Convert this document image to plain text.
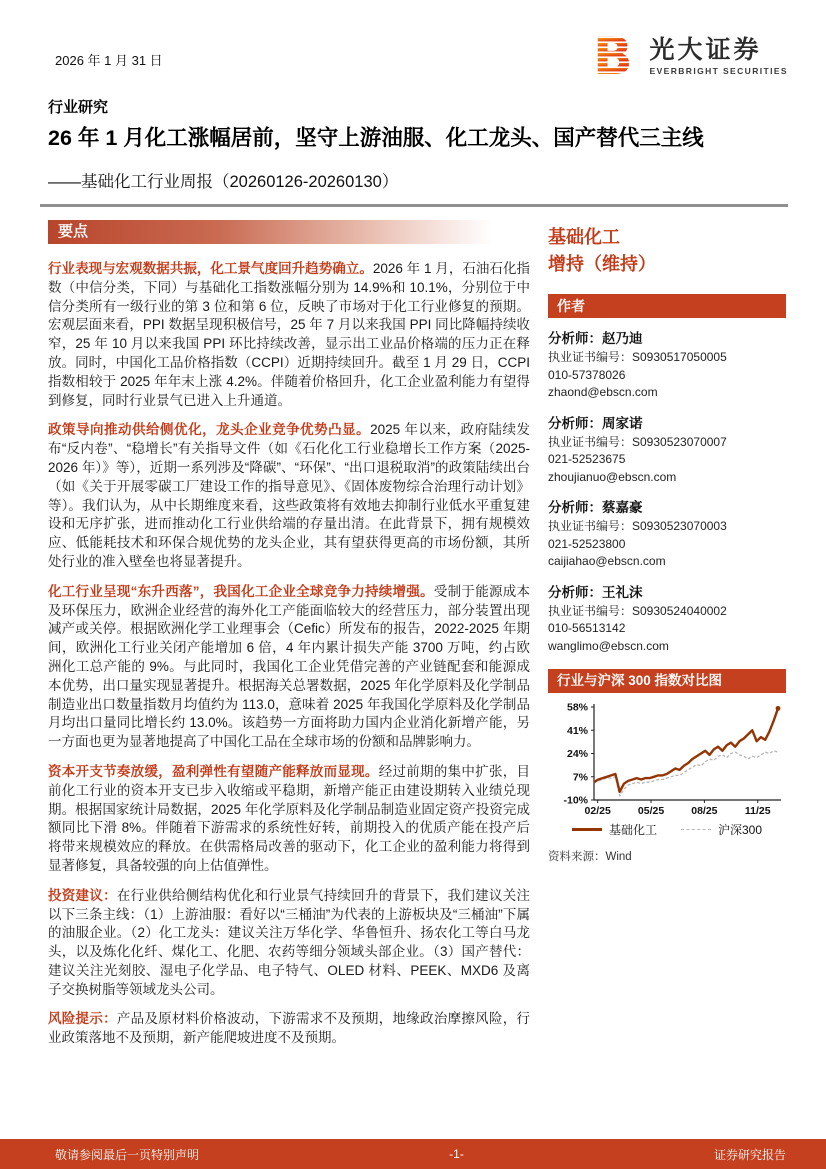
2026 年 1 月 31 日	光大证券
EVERBRIGHT SECURITIES
行业研究
26 年 1 月化工涨幅居前，坚守上游油服、化工龙头、国产替代三主线
——基础化工行业周报（20260126-20260130）
要点

行业表现与宏观数据共振，化工景气度回升趋势确立。2026 年 1 月，石油石化指数（中信分类，下同）与基础化工指数涨幅分别为 14.9%和 10.1%，分别位于中信分类所有一级行业的第 3 位和第 6 位，反映了市场对于化工行业修复的预期。宏观层面来看，PPI 数据呈现积极信号，25 年 7 月以来我国 PPI 同比降幅持续收窄，25 年 10 月以来我国 PPI 环比持续改善，显示出工业品价格端的压力正在释放。同时，中国化工品价格指数（CCPI）近期持续回升。截至 1 月 29 日，CCPI 指数相较于 2025 年年末上涨 4.2%。伴随着价格回升，化工企业盈利能力有望得到修复，同时行业景气已进入上升通道。

政策导向推动供给侧优化，龙头企业竞争优势凸显。2025 年以来，政府陆续发布“反内卷”、“稳增长”有关指导文件（如《石化化工行业稳增长工作方案（2025-2026 年）》等），近期一系列涉及“降碳”、“环保”、“出口退税取消”的政策陆续出台（如《关于开展零碳工厂建设工作的指导意见》、《固体废物综合治理行动计划》等）。我们认为，从中长期维度来看，这些政策将有效地去抑制行业低水平重复建设和无序扩张，进而推动化工行业供给端的存量出清。在此背景下，拥有规模效应、低能耗技术和环保合规优势的龙头企业，其有望获得更高的市场份额，其所处行业的准入壁垒也将显著提升。

化工行业呈现“东升西落”，我国化工企业全球竞争力持续增强。受制于能源成本及环保压力，欧洲企业经营的海外化工产能面临较大的经营压力，部分装置出现减产或关停。根据欧洲化学工业理事会（Cefic）所发布的报告，2022-2025 年期间，欧洲化工行业关闭产能增加 6 倍，4 年内累计损失产能 3700 万吨，约占欧洲化工总产能的 9%。与此同时，我国化工企业凭借完善的产业链配套和能源成本优势，出口量实现显著提升。根据海关总署数据，2025 年化学原料及化学制品制造业出口数量指数月均值约为 113.0，意味着 2025 年我国化学原料及化学制品月均出口量同比增长约 13.0%。该趋势一方面将助力国内企业消化新增产能，另一方面也更为显著地提高了中国化工品在全球市场的份额和品牌影响力。

资本开支节奏放缓，盈利弹性有望随产能释放而显现。经过前期的集中扩张，目前化工行业的资本开支已步入收缩或平稳期，新增产能正由建设期转入业绩兑现期。根据国家统计局数据，2025 年化学原料及化学制品制造业固定资产投资完成额同比下滑 8%。伴随着下游需求的系统性好转，前期投入的优质产能在投产后将带来规模效应的释放。在供需格局改善的驱动下，化工企业的盈利能力将得到显著修复，具备较强的向上估值弹性。

投资建议：在行业供给侧结构优化和行业景气持续回升的背景下，我们建议关注以下三条主线：（1）上游油服：看好以“三桶油”为代表的上游板块及“三桶油”下属的油服企业。（2）化工龙头：建议关注万华化学、华鲁恒升、扬农化工等白马龙头，以及炼化化纤、煤化工、化肥、农药等细分领域头部企业。（3）国产替代：建议关注光刻胶、湿电子化学品、电子特气、OLED 材料、PEEK、MXD6 及离子交换树脂等领域龙头公司。

风险提示：产品及原材料价格波动，下游需求不及预期，地缘政治摩擦风险，行业政策落地不及预期，新产能爬坡进度不及预期。

基础化工
增持（维持）
作者
分析师：赵乃迪
执业证书编号：S0930517050005
010-57378026
zhaond@ebscn.com
分析师：周家诺
执业证书编号：S0930523070007
021-52523675
zhoujianuo@ebscn.com
分析师：蔡嘉豪
执业证书编号：S0930523070003
021-52523800
caijiahao@ebscn.com
分析师：王礼沫
执业证书编号：S0930524040002
010-56513142
wanglimo@ebscn.com
行业与沪深 300 指数对比图
58%
41%
24%
7%
-10%
02/25	05/25	08/25	11/25
基础化工	沪深300
资料来源：Wind
敬请参阅最后一页特别声明	-1-	证券研究报告
